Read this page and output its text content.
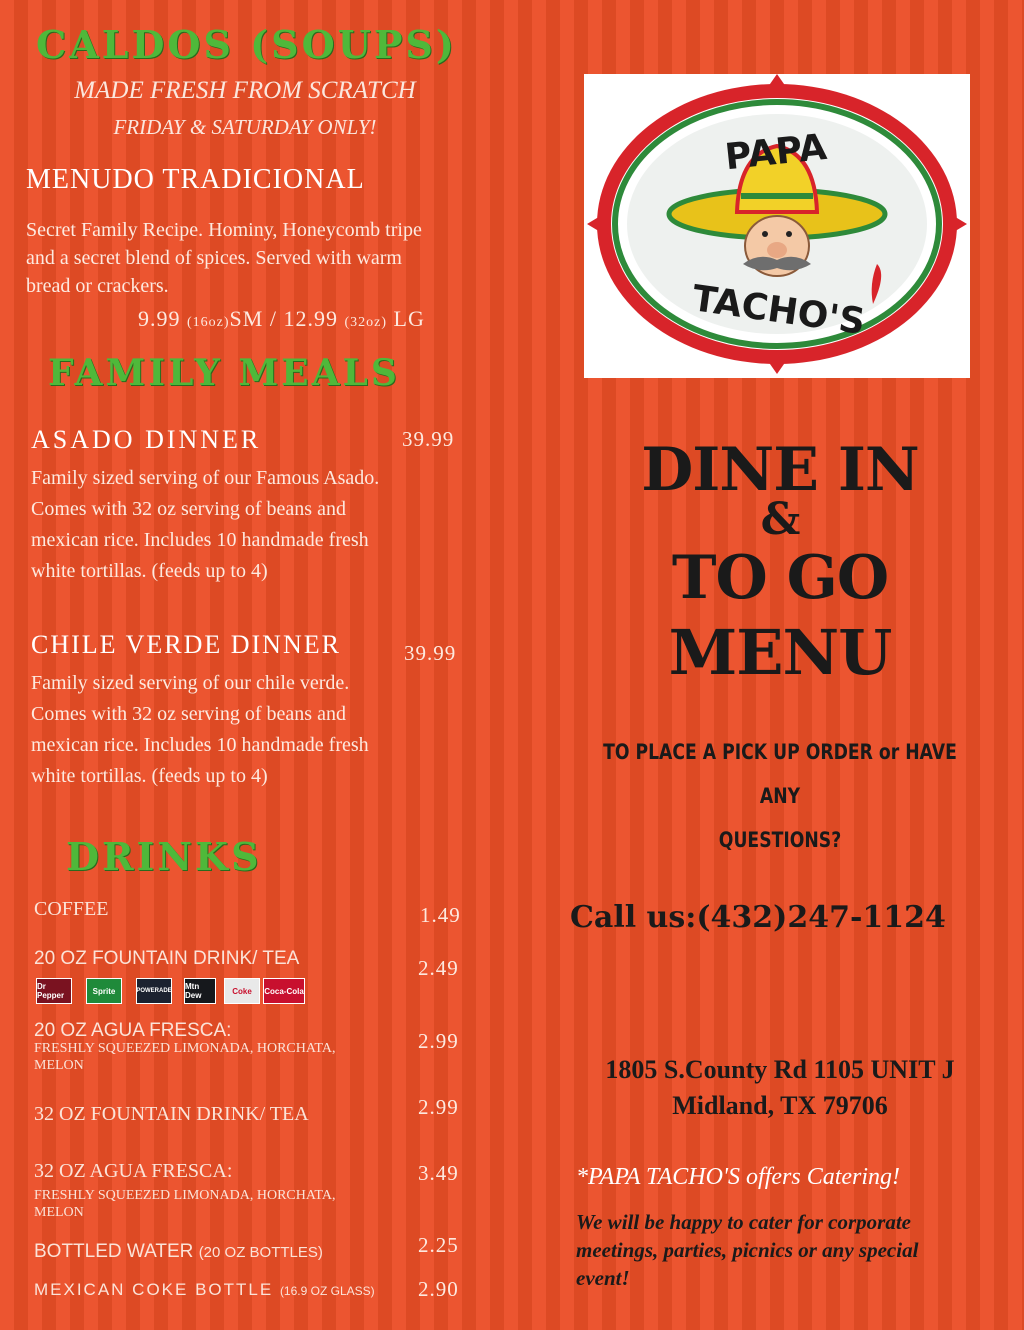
CALDOS (SOUPS)
MADE FRESH FROM SCRATCH
FRIDAY & SATURDAY ONLY!
MENUDO TRADICIONAL
Secret Family Recipe. Hominy, Honeycomb tripe
and a secret blend of spices. Served with warm
bread or crackers.
9.99 (16oz)SM / 12.99 (32oz) LG
FAMILY MEALS
ASADO DINNER	39.99
Family sized serving of our Famous Asado.
Comes with 32 oz serving of beans and
mexican rice. Includes 10 handmade fresh
white tortillas. (feeds up to 4)
CHILE VERDE DINNER	39.99
Family sized serving of our chile verde.
Comes with 32 oz serving of beans and
mexican rice. Includes 10 handmade fresh
white tortillas. (feeds up to 4)
DRINKS
COFFEE	1.49
20 OZ FOUNTAIN DRINK/ TEA	2.49
Dr Pepper	Sprite	POWERADE Mtn Dew	Coke	Coca-Cola
20 OZ AGUA FRESCA:
FRESHLY SQUEEZED LIMONADA, HORCHATA, MELON
2.99
32 OZ FOUNTAIN DRINK/ TEA	2.99
32 OZ AGUA FRESCA:
FRESHLY SQUEEZED LIMONADA, HORCHATA, MELON
3.49
BOTTLED WATER (20 OZ BOTTLES)	2.25
MEXICAN COKE BOTTLE (16.9 OZ GLASS) 2.90
PAPA
TACHO'S
DINE IN
&
TO GO
MENU
TO PLACE A PICK UP ORDER or HAVE ANY
QUESTIONS?
Call us:(432)247-1124
1805 S.County Rd 1105 UNIT J
Midland, TX 79706
*PAPA TACHO'S offers Catering!
We will be happy to cater for corporate
meetings, parties, picnics or any special
event!
